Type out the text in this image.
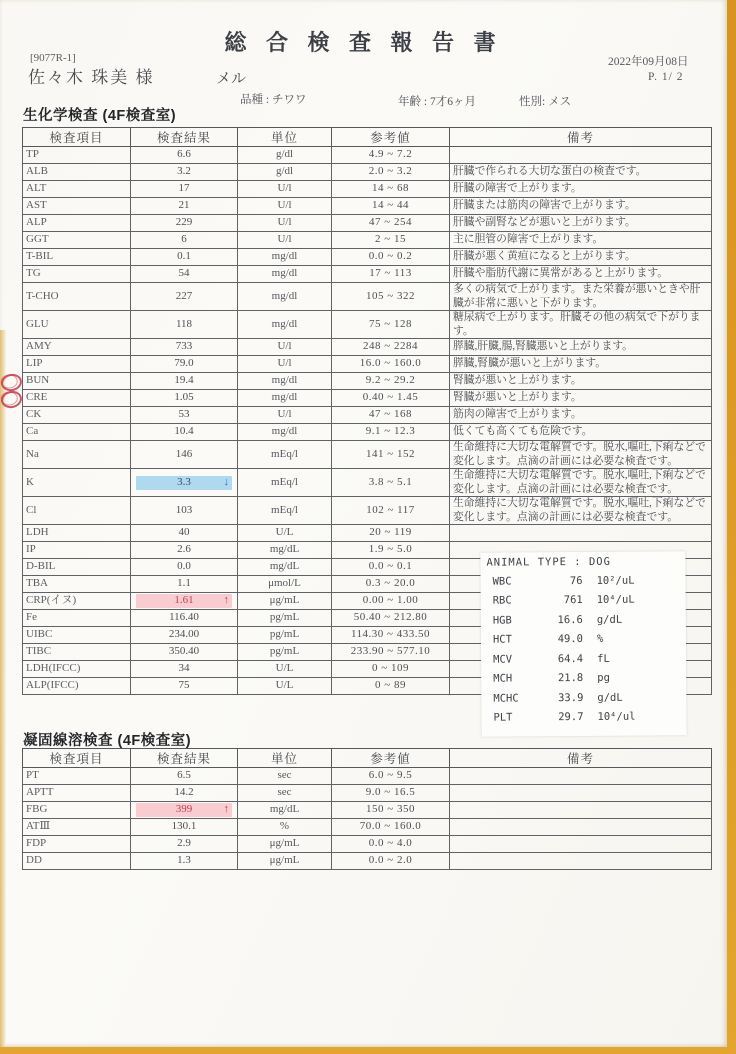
総 合 検 査 報 告 書
[9077R-1]
佐々木 珠美 様	メル
品種 : チワワ	年齢 : 7才6ヶ月	性別: メス
2022年09月08日
P. 1/ 2
生化学検査 (4F検査室)
検査項目	検査結果	単位	参考値	備考
TP	6.6	g/dl	4.9 ~ 7.2	
ALB	3.2	g/dl	2.0 ~ 3.2	肝臓で作られる大切な蛋白の検査です。
ALT	17	U/l	14 ~ 68	肝臓の障害で上がります。
AST	21	U/l	14 ~ 44	肝臓または筋肉の障害で上がります。
ALP	229	U/l	47 ~ 254	肝臓や副腎などが悪いと上がります。
GGT	6	U/l	2 ~ 15	主に胆管の障害で上がります。
T-BIL	0.1	mg/dl	0.0 ~ 0.2	肝臓が悪く黄疸になると上がります。
TG	54	mg/dl	17 ~ 113	肝臓や脂肪代謝に異常があると上がります。
T-CHO	227	mg/dl	105 ~ 322	多くの病気で上がります。また栄養が悪いときや肝臓が非常に悪いと下がります。
GLU	118	mg/dl	75 ~ 128	糖尿病で上がります。肝臓その他の病気で下がります。
AMY	733	U/l	248 ~ 2284	膵臓,肝臓,腸,腎臓悪いと上がります。
LIP	79.0	U/l	16.0 ~ 160.0	膵臓,腎臓が悪いと上がります。
BUN	19.4	mg/dl	9.2 ~ 29.2	腎臓が悪いと上がります。
CRE	1.05	mg/dl	0.40 ~ 1.45	腎臓が悪いと上がります。
CK	53	U/l	47 ~ 168	筋肉の障害で上がります。
Ca	10.4	mg/dl	9.1 ~ 12.3	低くても高くても危険です。
Na	146	mEq/l	141 ~ 152	生命維持に大切な電解質です。脱水,嘔吐,下痢などで変化します。点滴の計画には必要な検査です。
K	3.3 ↓	mEq/l	3.8 ~ 5.1	生命維持に大切な電解質です。脱水,嘔吐,下痢などで変化します。点滴の計画には必要な検査です。
Cl	103	mEq/l	102 ~ 117	生命維持に大切な電解質です。脱水,嘔吐,下痢などで変化します。点滴の計画には必要な検査です。
LDH	40	U/L	20 ~ 119	
IP	2.6	mg/dL	1.9 ~ 5.0	
D-BIL	0.0	mg/dL	0.0 ~ 0.1	
TBA	1.1	μmol/L	0.3 ~ 20.0	
CRP(イヌ)	1.61 ↑	μg/mL	0.00 ~ 1.00	
Fe	116.40	pg/mL	50.40 ~ 212.80	
UIBC	234.00	pg/mL	114.30 ~ 433.50	
TIBC	350.40	pg/mL	233.90 ~ 577.10	
LDH(IFCC)	34	U/L	0 ~ 109	
ALP(IFCC)	75	U/L	0 ~ 89	
凝固線溶検査 (4F検査室)
検査項目	検査結果	単位	参考値	備考
PT	6.5	sec	6.0 ~ 9.5	
APTT	14.2	sec	9.0 ~ 16.5	
FBG	399 ↑	mg/dL	150 ~ 350	
ATⅢ	130.1	%	70.0 ~ 160.0	
FDP	2.9	μg/mL	0.0 ~ 4.0	
DD	1.3	μg/mL	0.0 ~ 2.0	
ANIMAL TYPE : DOG
WBC	76	10²/uL
RBC	761	10⁴/uL
HGB	16.6	g/dL
HCT	49.0	%
MCV	64.4	fL
MCH	21.8	pg
MCHC	33.9	g/dL
PLT	29.7	10⁴/ul
